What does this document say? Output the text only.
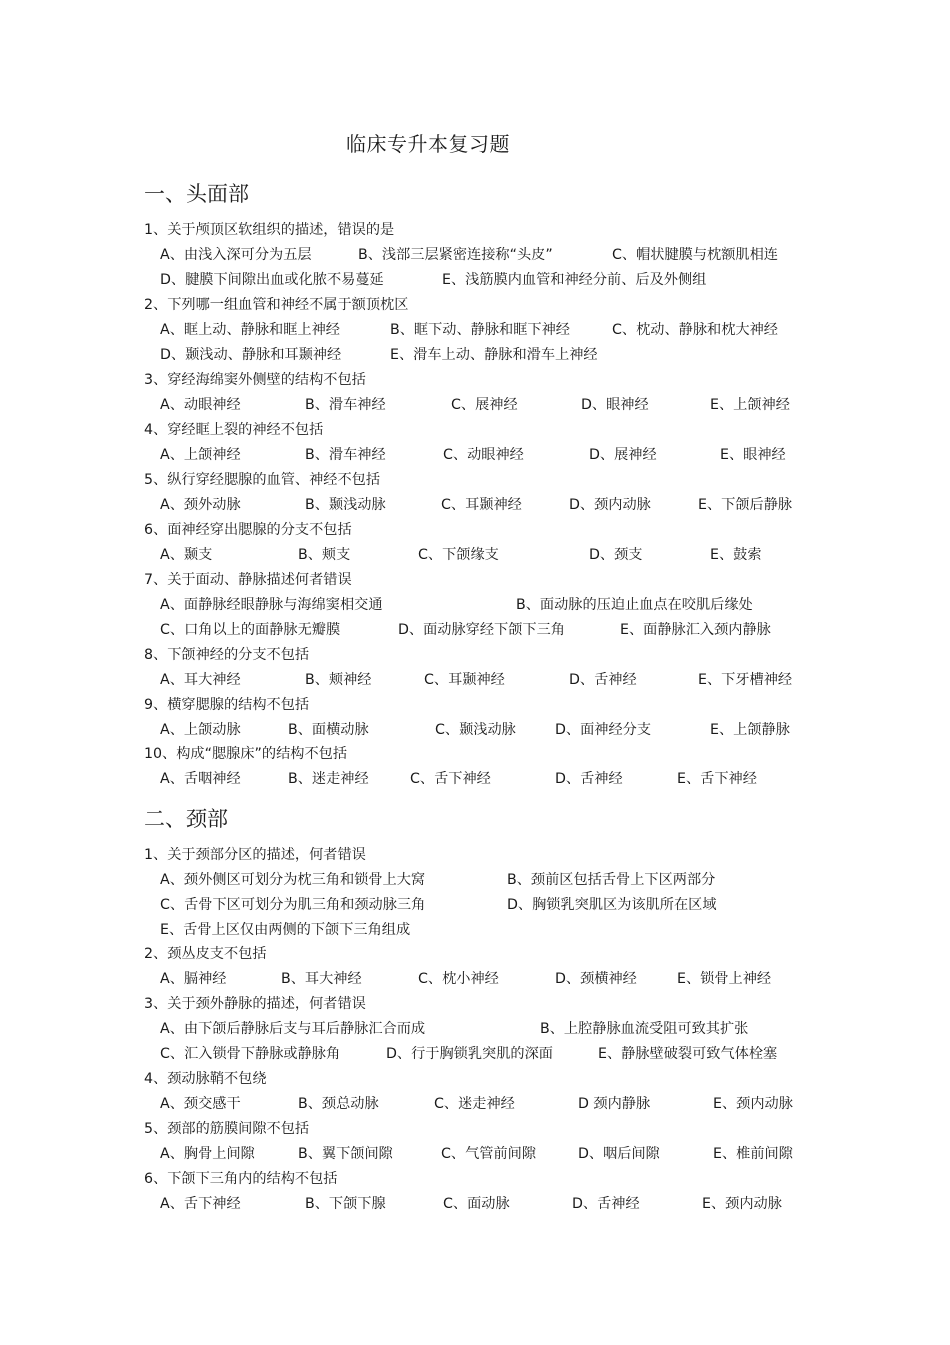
临床专升本复习题
一、头面部
1、关于颅顶区软组织的描述，错误的是
A、由浅入深可分为五层	B、浅部三层紧密连接称“头皮”	C、帽状腱膜与枕额肌相连
D、腱膜下间隙出血或化脓不易蔓延	E、浅筋膜内血管和神经分前、后及外侧组
2、下列哪一组血管和神经不属于额顶枕区
A、眶上动、静脉和眶上神经	B、眶下动、静脉和眶下神经	C、枕动、静脉和枕大神经
D、颞浅动、静脉和耳颞神经	E、滑车上动、静脉和滑车上神经
3、穿经海绵窦外侧壁的结构不包括
A、动眼神经	B、滑车神经	C、展神经	D、眼神经	E、上颌神经
4、穿经眶上裂的神经不包括
A、上颌神经	B、滑车神经	C、动眼神经	D、展神经	E、眼神经
5、纵行穿经腮腺的血管、神经不包括
A、颈外动脉	B、颞浅动脉	C、耳颞神经	D、颈内动脉	E、下颌后静脉
6、面神经穿出腮腺的分支不包括
A、颞支	B、颊支	C、下颌缘支	D、颈支	E、鼓索
7、关于面动、静脉描述何者错误
A、面静脉经眼静脉与海绵窦相交通	B、面动脉的压迫止血点在咬肌后缘处
C、口角以上的面静脉无瓣膜	D、面动脉穿经下颌下三角	E、面静脉汇入颈内静脉
8、下颌神经的分支不包括
A、耳大神经	B、颊神经	C、耳颞神经	D、舌神经	E、下牙槽神经
9、横穿腮腺的结构不包括
A、上颌动脉	B、面横动脉	C、颞浅动脉	D、面神经分支	E、上颌静脉
10、构成“腮腺床”的结构不包括
A、舌咽神经	B、迷走神经	C、舌下神经	D、舌神经	E、舌下神经
二、颈部
1、关于颈部分区的描述，何者错误
A、颈外侧区可划分为枕三角和锁骨上大窝	B、颈前区包括舌骨上下区两部分
C、舌骨下区可划分为肌三角和颈动脉三角	D、胸锁乳突肌区为该肌所在区域
E、舌骨上区仅由两侧的下颌下三角组成
2、颈丛皮支不包括
A、膈神经	B、耳大神经	C、枕小神经	D、颈横神经	E、锁骨上神经
3、关于颈外静脉的描述，何者错误
A、由下颌后静脉后支与耳后静脉汇合而成	B、上腔静脉血流受阻可致其扩张
C、汇入锁骨下静脉或静脉角	D、行于胸锁乳突肌的深面	E、静脉壁破裂可致气体栓塞
4、颈动脉鞘不包绕
A、颈交感干	B、颈总动脉	C、迷走神经	D 颈内静脉	E、颈内动脉
5、颈部的筋膜间隙不包括
A、胸骨上间隙	B、翼下颌间隙	C、气管前间隙	D、咽后间隙	E、椎前间隙
6、下颌下三角内的结构不包括
A、舌下神经	B、下颌下腺	C、面动脉	D、舌神经	E、颈内动脉
